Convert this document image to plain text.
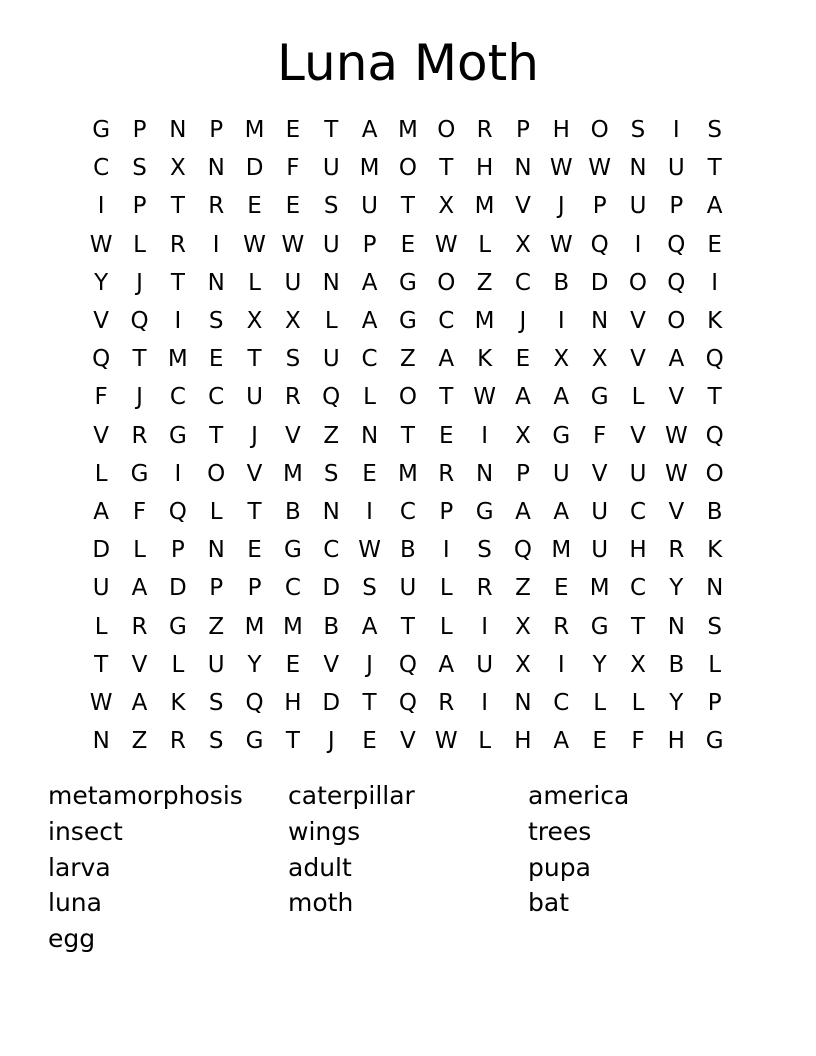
Luna Moth
G P N P M E	T	A M O R	P H O S	I	S
C	S	X N D F	U M O T H N W W N U T
I	P	T	R	E	E	S U T	X M V	J	P U P	A
W L	R	I	W W U P	E W L	X W Q	I	Q E
Y	J	T N	L	U N A G O Z C B D O Q	I
V Q	I	S	X X	L	A G C M	J	I	N V O K
Q T M E	T	S U C Z A K	E	X X V A Q
F	J	C C U R Q L O T W A A G	L	V	T
V R G T	J	V Z N T	E	I	X G F	V W Q
L	G	I	O V M S	E M R N P U V U W O
A	F Q L	T	B N	I	C	P G A A U C V B
D	L	P N E G C W B	I	S Q M U H R K
U A D P	P	C D S U	L	R Z	E M C	Y N
L	R G Z M M B A	T	L	I	X R G T N S
T	V	L	U Y	E	V	J	Q A U X	I	Y	X B	L
W A K	S Q H D T Q R	I	N C	L	L	Y	P
N Z R	S G T	J	E	V W L	H A	E	F	H G
metamorphosis
insect
larva
luna
egg
caterpillar
wings
adult
moth
america
trees
pupa
bat
